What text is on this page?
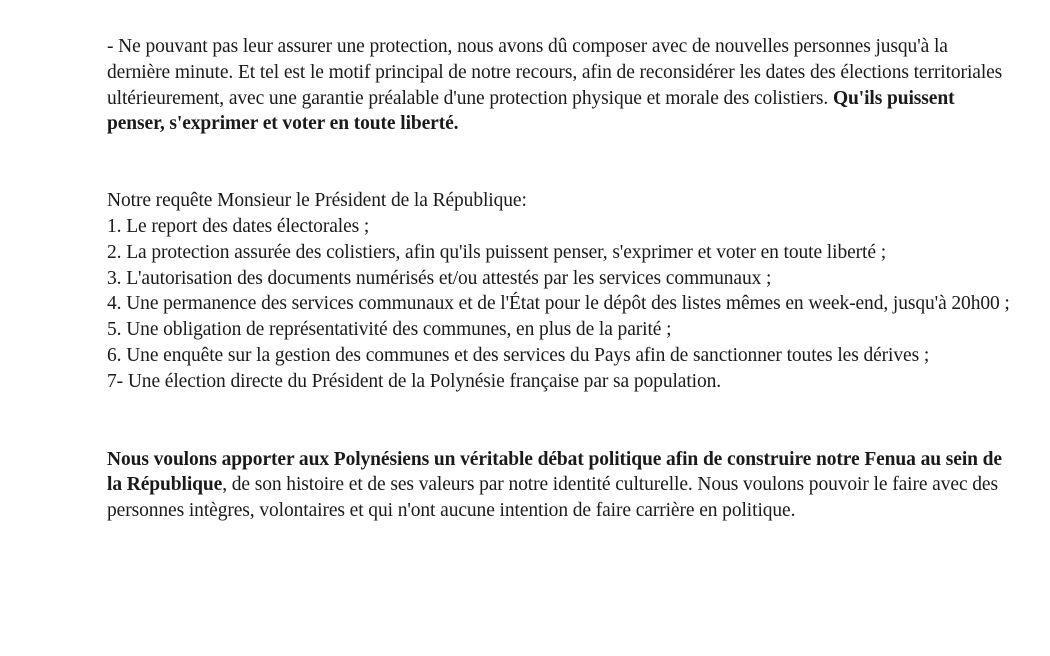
- Ne pouvant pas leur assurer une protection, nous avons dû composer avec de nouvelles personnes jusqu'à la dernière minute. Et tel est le motif principal de notre recours, afin de reconsidérer les dates des élections territoriales ultérieurement, avec une garantie préalable d'une protection physique et morale des colistiers. Qu'ils puissent penser, s'exprimer et voter en toute liberté.

Notre requête Monsieur le Président de la République:
1. Le report des dates électorales ;
2. La protection assurée des colistiers, afin qu'ils puissent penser, s'exprimer et voter en toute liberté ;
3. L'autorisation des documents numérisés et/ou attestés par les services communaux ;
4. Une permanence des services communaux et de l'État pour le dépôt des listes mêmes en week-end, jusqu'à 20h00 ;
5. Une obligation de représentativité des communes, en plus de la parité ;
6. Une enquête sur la gestion des communes et des services du Pays afin de sanctionner toutes les dérives ;
7- Une élection directe du Président de la Polynésie française par sa population.

Nous voulons apporter aux Polynésiens un véritable débat politique afin de construire notre Fenua au sein de la République, de son histoire et de ses valeurs par notre identité culturelle. Nous voulons pouvoir le faire avec des personnes intègres, volontaires et qui n'ont aucune intention de faire carrière en politique.
